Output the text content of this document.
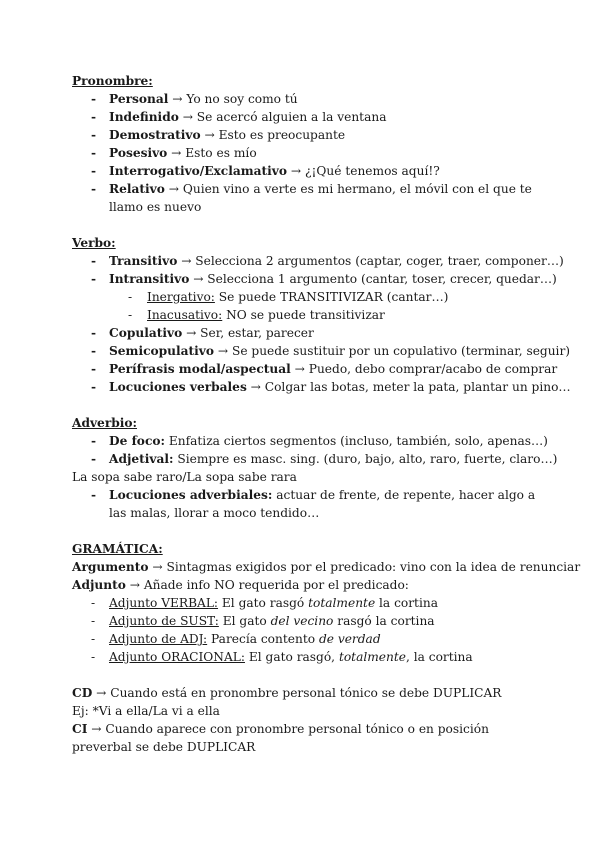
Pronombre:
- Personal → Yo no soy como tú
- Indefinido → Se acercó alguien a la ventana
- Demostrativo → Esto es preocupante
- Posesivo → Esto es mío
- Interrogativo/Exclamativo → ¿¡Qué tenemos aquí!?
- Relativo → Quien vino a verte es mi hermano, el móvil con el que te llamo es nuevo
Verbo:
- Transitivo → Selecciona 2 argumentos (captar, coger, traer, componer…)
- Intransitivo → Selecciona 1 argumento (cantar, toser, crecer, quedar…)
- Inergativo: Se puede TRANSITIVIZAR (cantar…)
- Inacusativo: NO se puede transitivizar
- Copulativo → Ser, estar, parecer
- Semicopulativo → Se puede sustituir por un copulativo (terminar, seguir)
- Perífrasis modal/aspectual → Puedo, debo comprar/acabo de comprar
- Locuciones verbales → Colgar las botas, meter la pata, plantar un pino…
Adverbio:
- De foco: Enfatiza ciertos segmentos (incluso, también, solo, apenas…)
- Adjetival: Siempre es masc. sing. (duro, bajo, alto, raro, fuerte, claro…)
La sopa sabe raro/La sopa sabe rara
- Locuciones adverbiales: actuar de frente, de repente, hacer algo a las malas, llorar a moco tendido…
GRAMÁTICA:
Argumento → Sintagmas exigidos por el predicado: vino con la idea de renunciar
Adjunto → Añade info NO requerida por el predicado:
- Adjunto VERBAL: El gato rasgó totalmente la cortina
- Adjunto de SUST: El gato del vecino rasgó la cortina
- Adjunto de ADJ: Parecía contento de verdad
- Adjunto ORACIONAL: El gato rasgó, totalmente, la cortina
CD → Cuando está en pronombre personal tónico se debe DUPLICAR
Ej: *Vi a ella/La vi a ella
CI → Cuando aparece con pronombre personal tónico o en posición preverbal se debe DUPLICAR
